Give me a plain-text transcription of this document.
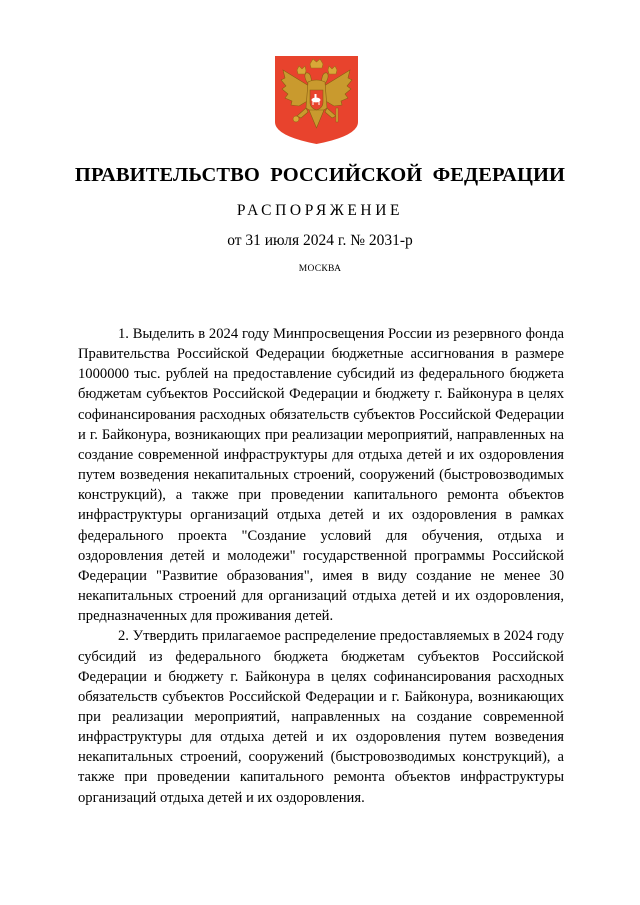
ПРАВИТЕЛЬСТВО РОССИЙСКОЙ ФЕДЕРАЦИИ
РАСПОРЯЖЕНИЕ
от 31 июля 2024 г. № 2031-р
МОСКВА

1. Выделить в 2024 году Минпросвещения России из резервного фонда Правительства Российской Федерации бюджетные ассигнования в размере 1000000 тыс. рублей на предоставление субсидий из федерального бюджета бюджетам субъектов Российской Федерации и бюджету г. Байконура в целях софинансирования расходных обязательств субъектов Российской Федерации и г. Байконура, возникающих при реализации мероприятий, направленных на создание современной инфраструктуры для отдыха детей и их оздоровления путем возведения некапитальных строений, сооружений (быстровозводимых конструкций), а также при проведении капитального ремонта объектов инфраструктуры организаций отдыха детей и их оздоровления в рамках федерального проекта "Создание условий для обучения, отдыха и оздоровления детей и молодежи" государственной программы Российской Федерации "Развитие образования", имея в виду создание не менее 30 некапитальных строений для организаций отдыха детей и их оздоровления, предназначенных для проживания детей.

2. Утвердить прилагаемое распределение предоставляемых в 2024 году субсидий из федерального бюджета бюджетам субъектов Российской Федерации и бюджету г. Байконура в целях софинансирования расходных обязательств субъектов Российской Федерации и г. Байконура, возникающих при реализации мероприятий, направленных на создание современной инфраструктуры для отдыха детей и их оздоровления путем возведения некапитальных строений, сооружений (быстровозводимых конструкций), а также при проведении капитального ремонта объектов инфраструктуры организаций отдыха детей и их оздоровления.
